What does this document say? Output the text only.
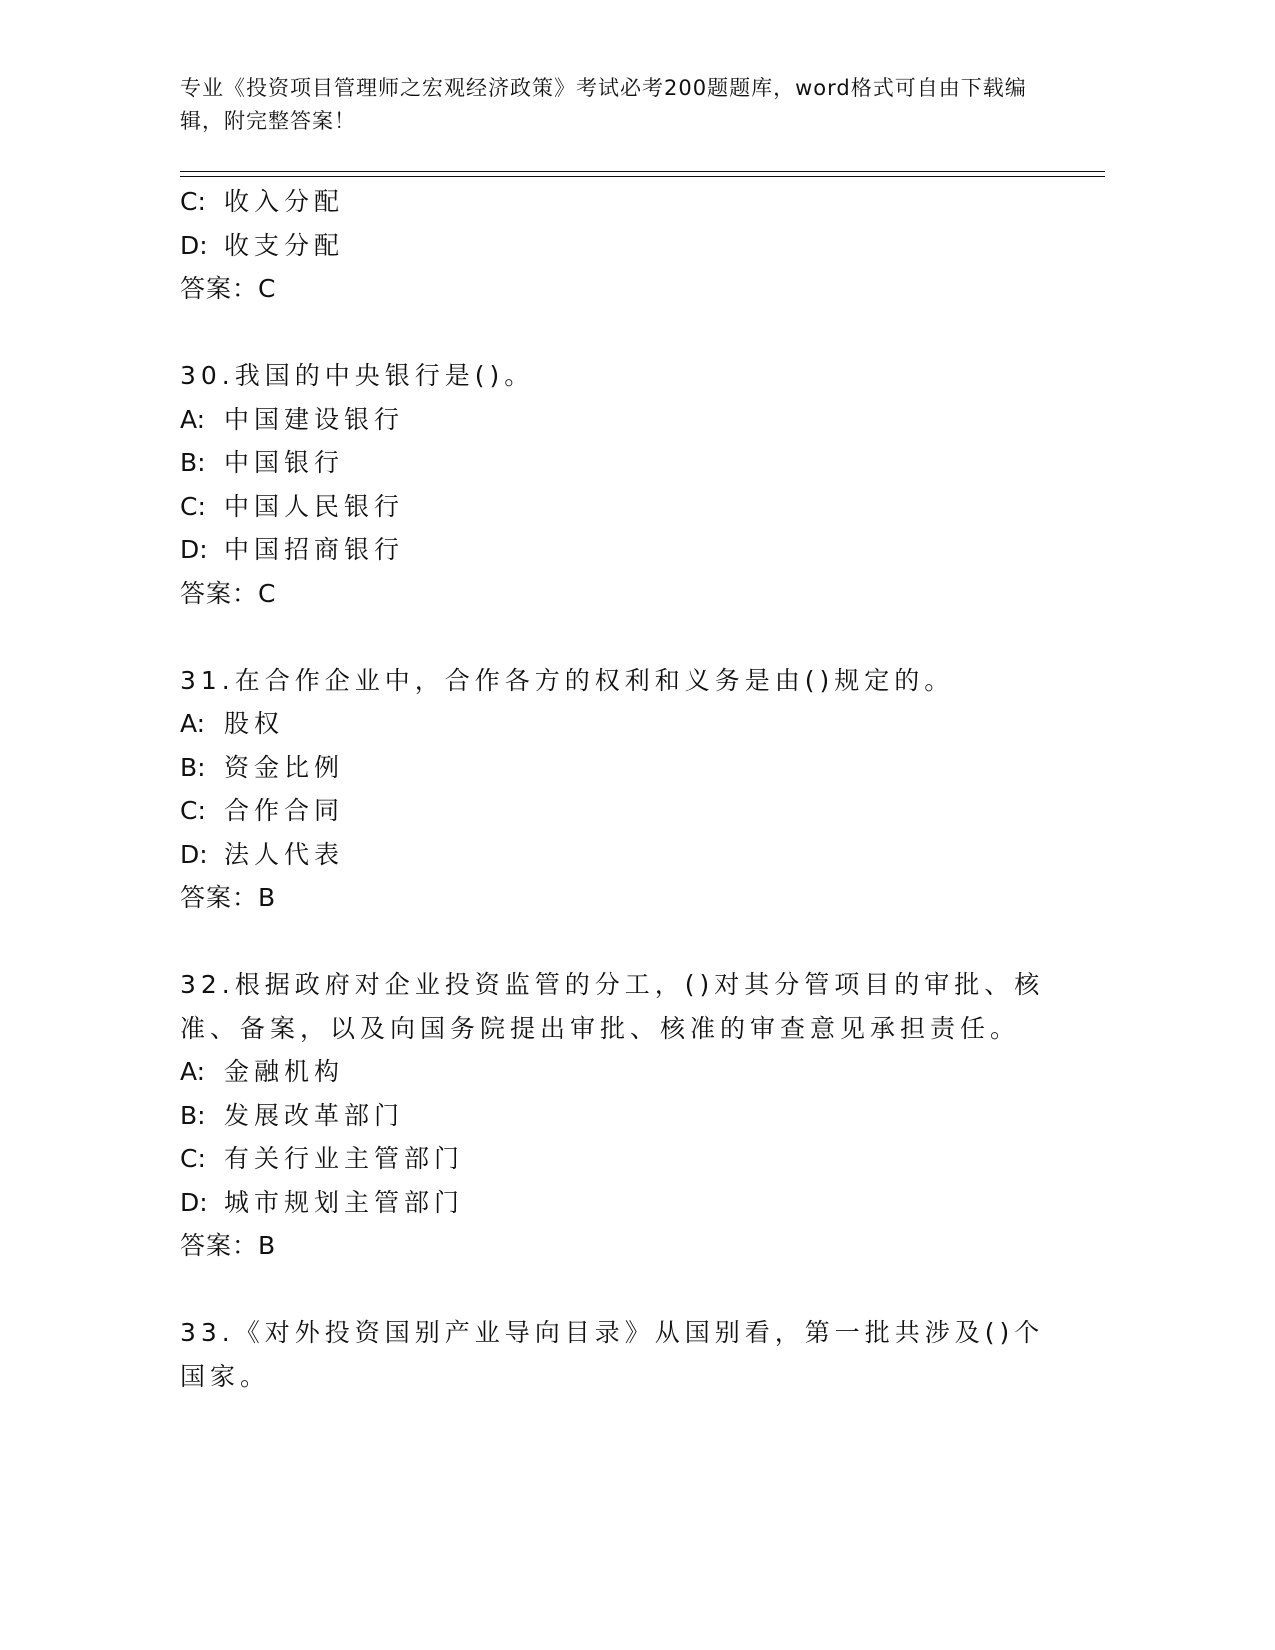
专业《投资项目管理师之宏观经济政策》考试必考200题题库，word格式可自由下载编辑，附完整答案！
C: 收入分配
D: 收支分配
答案：C
30.我国的中央银行是()。
A: 中国建设银行
B: 中国银行
C: 中国人民银行
D: 中国招商银行
答案：C
31.在合作企业中，合作各方的权利和义务是由()规定的。
A: 股权
B: 资金比例
C: 合作合同
D: 法人代表
答案：B
32.根据政府对企业投资监管的分工，()对其分管项目的审批、核准、备案，以及向国务院提出审批、核准的审查意见承担责任。
A: 金融机构
B: 发展改革部门
C: 有关行业主管部门
D: 城市规划主管部门
答案：B
33.《对外投资国别产业导向目录》从国别看，第一批共涉及()个国家。
